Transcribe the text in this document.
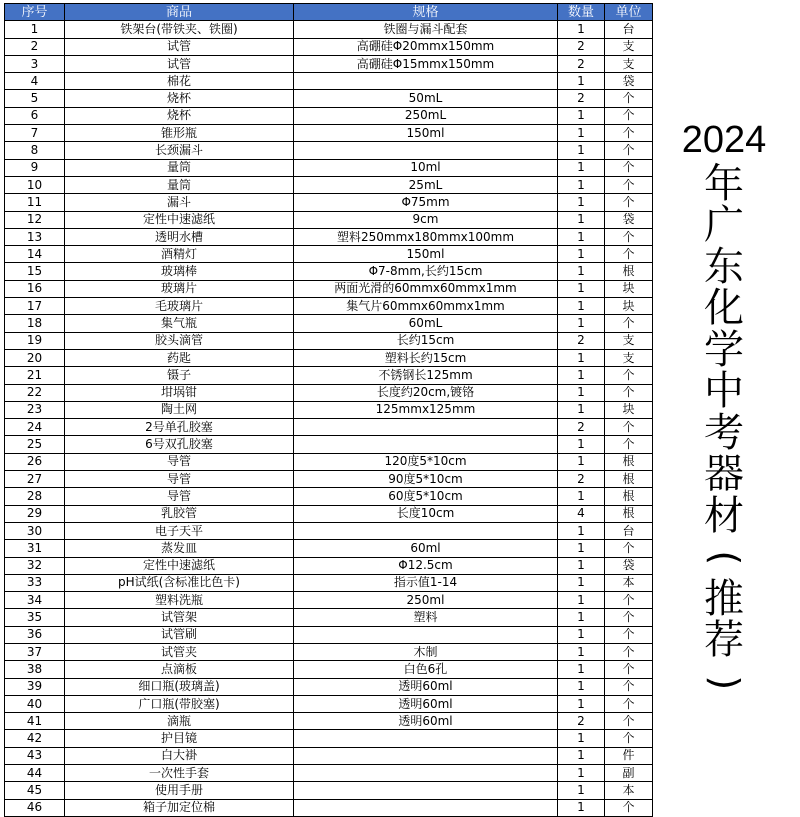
序号	商品	规格	数量	单位
1	铁架台(带铁夹、铁圈)	铁圈与漏斗配套	1	台
2	试管	高硼硅Φ20mmx150mm	2	支
3	试管	高硼硅Φ15mmx150mm	2	支
4	棉花		1	袋
5	烧杯	50mL	2	个
6	烧杯	250mL	1	个
7	锥形瓶	150ml	1	个
8	长颈漏斗		1	个
9	量筒	10ml	1	个
10	量筒	25mL	1	个
11	漏斗	Φ75mm	1	个
12	定性中速滤纸	9cm	1	袋
13	透明水槽	塑料250mmx180mmx100mm	1	个
14	酒精灯	150ml	1	个
15	玻璃棒	Φ7-8mm,长约15cm	1	根
16	玻璃片	两面光滑的60mmx60mmx1mm	1	块
17	毛玻璃片	集气片60mmx60mmx1mm	1	块
18	集气瓶	60mL	1	个
19	胶头滴管	长约15cm	2	支
20	药匙	塑料长约15cm	1	支
21	镊子	不锈钢长125mm	1	个
22	坩埚钳	长度约20cm,镀铬	1	个
23	陶土网	125mmx125mm	1	块
24	2号单孔胶塞		2	个
25	6号双孔胶塞		1	个
26	导管	120度5*10cm	1	根
27	导管	90度5*10cm	2	根
28	导管	60度5*10cm	1	根
29	乳胶管	长度10cm	4	根
30	电子天平		1	台
31	蒸发皿	60ml	1	个
32	定性中速滤纸	Φ12.5cm	1	袋
33	pH试纸(含标准比色卡)	指示值1-14	1	本
34	塑料洗瓶	250ml	1	个
35	试管架	塑料	1	个
36	试管刷		1	个
37	试管夹	木制	1	个
38	点滴板	白色6孔	1	个
39	细口瓶(玻璃盖)	透明60ml	1	个
40	广口瓶(带胶塞)	透明60ml	1	个
41	滴瓶	透明60ml	2	个
42	护目镜		1	个
43	白大褂		1	件
44	一次性手套		1	副
45	使用手册		1	本
46	箱子加定位棉		1	个
2024
年
广
东
化
学
中
考
器
材
(
推
荐
)
